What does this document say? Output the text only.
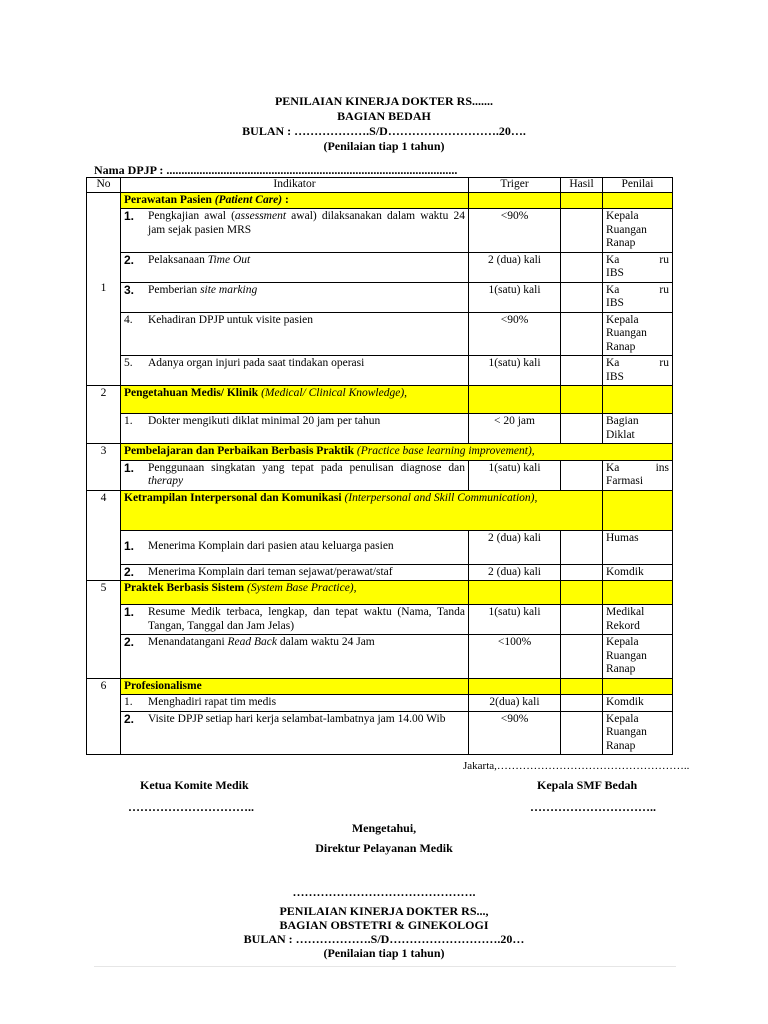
PENILAIAN KINERJA DOKTER RS.......
BAGIAN BEDAH
BULAN : ……………….S/D……………………….20….
(Penilaian tiap 1 tahun)
Nama DPJP : .................................................................................................
No	Indikator	Triger	Hasil	Penilai
1	Perawatan Pasien (Patient Care) :			

	1. Pengkajian awal (assessment awal) dilaksanakan dalam waktu 24 jam sejak pasien MRS	<90%		Kepala Ruangan Ranap

	2. Pelaksanaan Time Out	2 (dua) kali		Ka ru
IBS

	3. Pemberian site marking	1(satu) kali		Ka ru
IBS

	4. Kehadiran DPJP untuk visite pasien	<90%		Kepala Ruangan Ranap

	5. Adanya organ injuri pada saat tindakan operasi	1(satu) kali		Ka ru
IBS
2	Pengetahuan Medis/ Klinik (Medical/ Clinical Knowledge),			

	1. Dokter mengikuti diklat minimal 20 jam per tahun	< 20 jam		Bagian Diklat
3	Pembelajaran dan Perbaikan Berbasis Praktik (Practice base learning improvement),			

	1. Penggunaan singkatan yang tepat pada penulisan diagnose dan therapy	1(satu) kali		Ka ins
Farmasi
4	Ketrampilan Interpersonal dan Komunikasi (Interpersonal and Skill Communication),			

	1. Menerima Komplain dari pasien atau keluarga pasien	2 (dua) kali		Humas

	2. Menerima Komplain dari teman sejawat/perawat/staf	2 (dua) kali		Komdik
5	Praktek Berbasis Sistem (System Base Practice),			

	1. Resume Medik terbaca, lengkap, dan tepat waktu (Nama, Tanda Tangan, Tanggal dan Jam Jelas)	1(satu) kali		Medikal Rekord

	2. Menandatangani Read Back dalam waktu 24 Jam	<100%		Kepala Ruangan Ranap
6	Profesionalisme			

	1. Menghadiri rapat tim medis	2(dua) kali		Komdik

	2. Visite DPJP setiap hari kerja selambat-lambatnya jam 14.00 Wib	<90%		Kepala Ruangan Ranap
Jakarta,……………………………………………..
Ketua Komite Medik	Kepala SMF Bedah
…………………………..	…………………………..
Mengetahui,
Direktur Pelayanan Medik
……………………………………….
PENILAIAN KINERJA DOKTER RS...,
BAGIAN OBSTETRI & GINEKOLOGI
BULAN : ……………….S/D……………………….20…
(Penilaian tiap 1 tahun)
